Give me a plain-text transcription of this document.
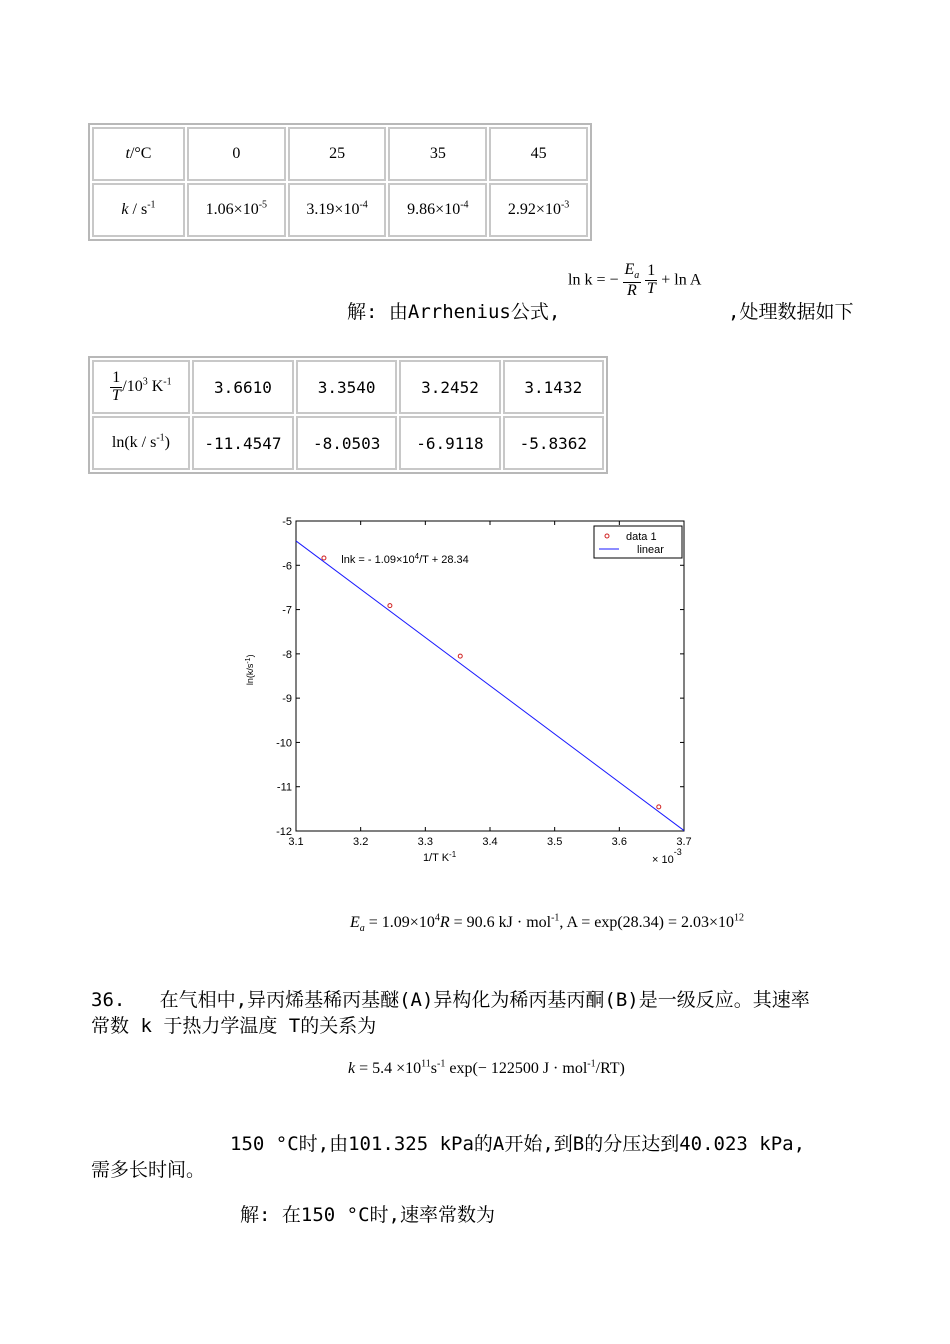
t/°C	0	25	35	45
k / $s^{-1}$	$1.06\times 10^{-5}$	$3.19\times 10^{-4}$	$9.86\times 10^{-4}$	$2.92\times 10^{-3}$
ln k = − $\frac{E_a}{R}$
$\frac{1}{T} + \ln A$
解: 由Arrhenius公式,	,处理数据如下
$\frac{1}{T} /10^3$ $K^{-1}$	3.6610	3.3540	3.2452	3.1432
$\ln(k / s^{-1})$	-11.4547	-8.0503	-6.9118	-5.8362
3.1	3.2	3.3	3.4	3.5	3.6	3.7
-5
-6
-7
-8
-9
-10
-11
-12
data 1
linear
lnk = - $1.09\times 10^4/T + 28.34$
1/T $K^{-1}$	× $10^{-3}$
$\ln(k/s^{-1})$
$E_a = 1.09\times 10^4R = 90.6$ kJ · mol$^{-1}$, $A = \exp(28.34) = 2.03\times 10^{12}$
36.   在气相中,异丙烯基稀丙基醚(A)异构化为稀丙基丙酮(B)是一级反应。其速率
常数 k 于热力学温度 T的关系为
$k = 5.4 \times 10^{11}s^{-1}$ exp(− 122500 J · mol$^{-1}$/RT)
150 °C时,由101.325 kPa的A开始,到B的分压达到40.023 kPa,
需多长时间。
解: 在150 °C时,速率常数为
